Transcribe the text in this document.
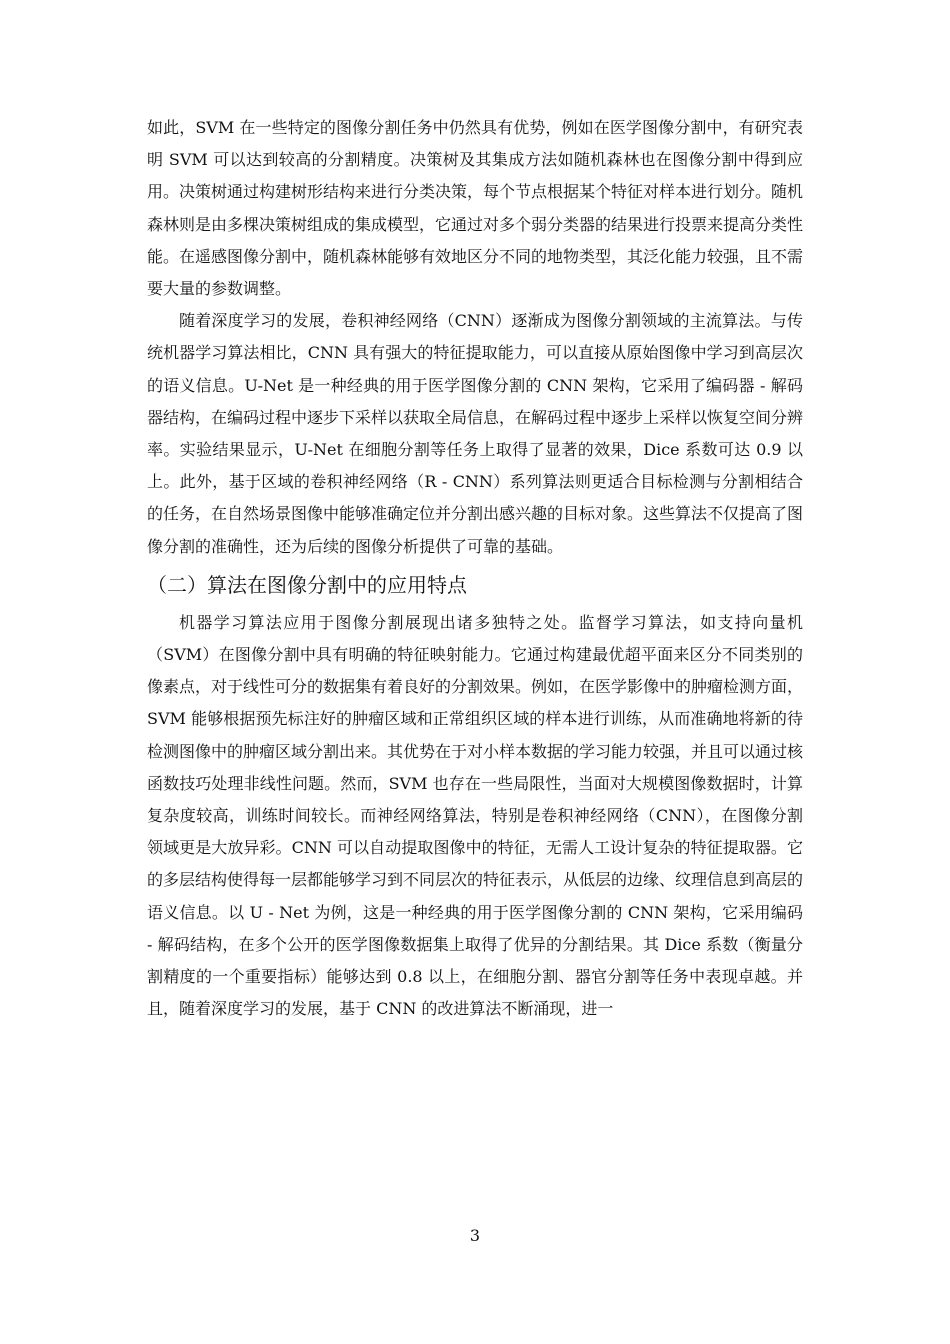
如此，SVM 在一些特定的图像分割任务中仍然具有优势，例如在医学图像分割中，有研究表明 SVM 可以达到较高的分割精度。决策树及其集成方法如随机森林也在图像分割中得到应用。决策树通过构建树形结构来进行分类决策，每个节点根据某个特征对样本进行划分。随机森林则是由多棵决策树组成的集成模型，它通过对多个弱分类器的结果进行投票来提高分类性能。在遥感图像分割中，随机森林能够有效地区分不同的地物类型，其泛化能力较强，且不需要大量的参数调整。

随着深度学习的发展，卷积神经网络（CNN）逐渐成为图像分割领域的主流算法。与传统机器学习算法相比，CNN 具有强大的特征提取能力，可以直接从原始图像中学习到高层次的语义信息。U-Net 是一种经典的用于医学图像分割的 CNN 架构，它采用了编码器 - 解码器结构，在编码过程中逐步下采样以获取全局信息，在解码过程中逐步上采样以恢复空间分辨率。实验结果显示，U-Net 在细胞分割等任务上取得了显著的效果，Dice 系数可达 0.9 以上。此外，基于区域的卷积神经网络（R - CNN）系列算法则更适合目标检测与分割相结合的任务，在自然场景图像中能够准确定位并分割出感兴趣的目标对象。这些算法不仅提高了图像分割的准确性，还为后续的图像分析提供了可靠的基础。

（二）算法在图像分割中的应用特点

机器学习算法应用于图像分割展现出诸多独特之处。监督学习算法，如支持向量机（SVM）在图像分割中具有明确的特征映射能力。它通过构建最优超平面来区分不同类别的像素点，对于线性可分的数据集有着良好的分割效果。例如，在医学影像中的肿瘤检测方面，SVM 能够根据预先标注好的肿瘤区域和正常组织区域的样本进行训练，从而准确地将新的待检测图像中的肿瘤区域分割出来。其优势在于对小样本数据的学习能力较强，并且可以通过核函数技巧处理非线性问题。然而，SVM 也存在一些局限性，当面对大规模图像数据时，计算复杂度较高，训练时间较长。而神经网络算法，特别是卷积神经网络（CNN），在图像分割领域更是大放异彩。CNN 可以自动提取图像中的特征，无需人工设计复杂的特征提取器。它的多层结构使得每一层都能够学习到不同层次的特征表示，从低层的边缘、纹理信息到高层的语义信息。以 U - Net 为例，这是一种经典的用于医学图像分割的 CNN 架构，它采用编码 - 解码结构，在多个公开的医学图像数据集上取得了优异的分割结果。其 Dice 系数（衡量分割精度的一个重要指标）能够达到 0.8 以上，在细胞分割、器官分割等任务中表现卓越。并且，随着深度学习的发展，基于 CNN 的改进算法不断涌现，进一

3
